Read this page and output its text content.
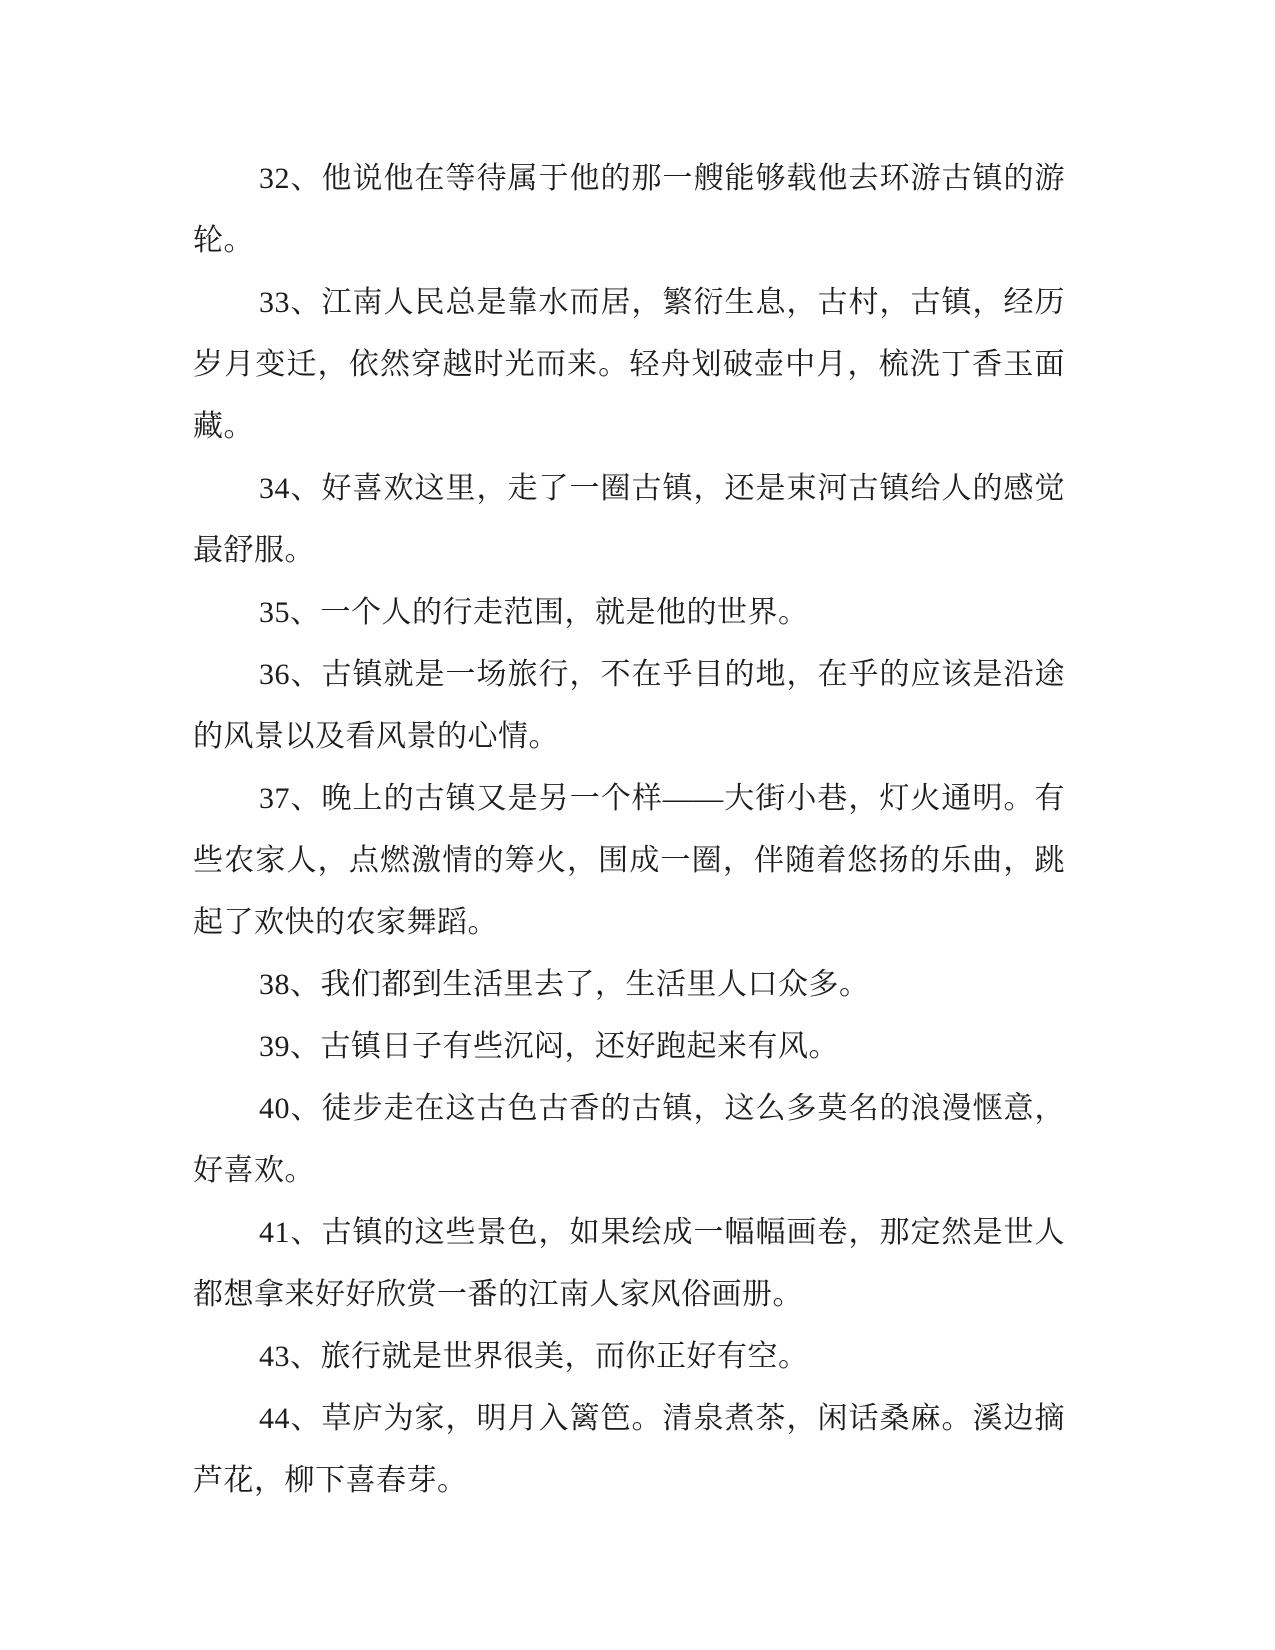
32、他说他在等待属于他的那一艘能够载他去环游古镇的游轮。

33、江南人民总是靠水而居，繁衍生息，古村，古镇，经历岁月变迁，依然穿越时光而来。轻舟划破壶中月，梳洗丁香玉面藏。

34、好喜欢这里，走了一圈古镇，还是束河古镇给人的感觉最舒服。

35、一个人的行走范围，就是他的世界。

36、古镇就是一场旅行，不在乎目的地，在乎的应该是沿途的风景以及看风景的心情。

37、晚上的古镇又是另一个样——大街小巷，灯火通明。有些农家人，点燃激情的筹火，围成一圈，伴随着悠扬的乐曲，跳起了欢快的农家舞蹈。

38、我们都到生活里去了，生活里人口众多。

39、古镇日子有些沉闷，还好跑起来有风。

40、徒步走在这古色古香的古镇，这么多莫名的浪漫惬意，好喜欢。

41、古镇的这些景色，如果绘成一幅幅画卷，那定然是世人都想拿来好好欣赏一番的江南人家风俗画册。

43、旅行就是世界很美，而你正好有空。

44、草庐为家，明月入篱笆。清泉煮茶，闲话桑麻。溪边摘芦花，柳下喜春芽。
